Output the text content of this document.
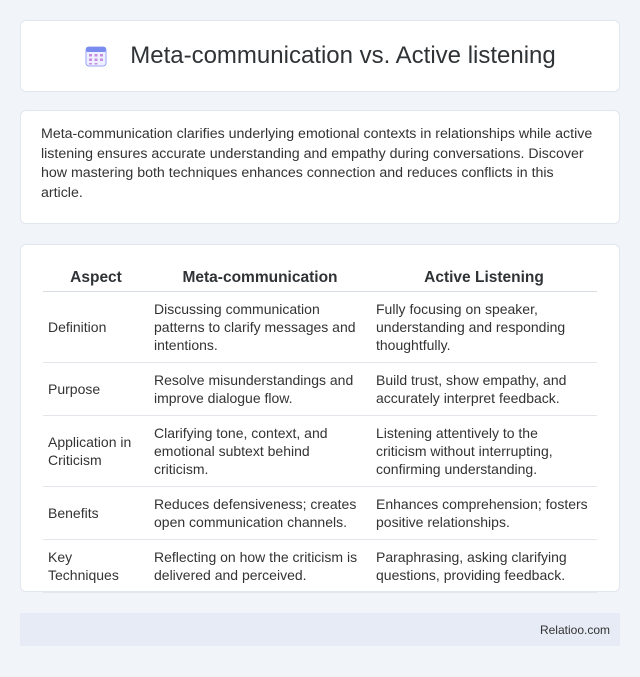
Meta-communication vs. Active listening

Meta-communication clarifies underlying emotional contexts in relationships while active listening ensures accurate understanding and empathy during conversations. Discover how mastering both techniques enhances connection and reduces conflicts in this article.

Aspect	Meta-communication	Active Listening
Definition	Discussing communication patterns to clarify messages and intentions.	Fully focusing on speaker, understanding and responding thoughtfully.
Purpose	Resolve misunderstandings and improve dialogue flow.	Build trust, show empathy, and accurately interpret feedback.
Application in Criticism	Clarifying tone, context, and emotional subtext behind criticism.	Listening attentively to the criticism without interrupting, confirming understanding.
Benefits	Reduces defensiveness; creates open communication channels.	Enhances comprehension; fosters positive relationships.
Key Techniques	Reflecting on how the criticism is delivered and perceived.	Paraphrasing, asking clarifying questions, providing feedback.
Relatioo.com
